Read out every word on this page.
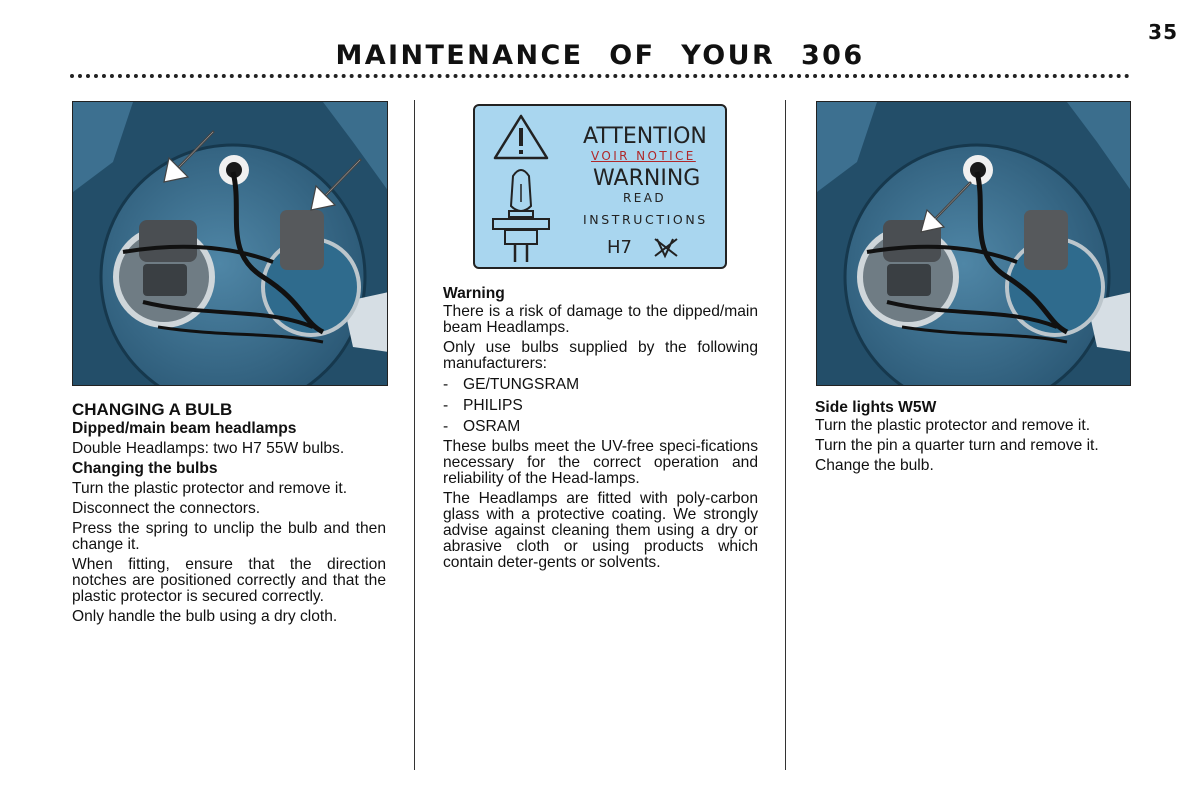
35
MAINTENANCE OF YOUR 306
ATTENTION
VOIR NOTICE
WARNING
READ
INSTRUCTIONS
H7
CHANGING A BULB
Dipped/main beam headlamps
Double Headlamps: two H7 55W bulbs.
Changing the bulbs
Turn the plastic protector and remove it.
Disconnect the connectors.
Press the spring to unclip the bulb and then change it.
When fitting, ensure that the direction notches are positioned correctly and that the plastic protector is secured correctly.
Only handle the bulb using a dry cloth.
Warning
There is a risk of damage to the dipped/main beam Headlamps.
Only use bulbs supplied by the following manufacturers:
- GE/TUNGSRAM
- PHILIPS
- OSRAM
These bulbs meet the UV-free speci-fications necessary for the correct operation and reliability of the Head-lamps.
The Headlamps are fitted with poly-carbon glass with a protective coating. We strongly advise against cleaning them using a dry or abrasive cloth or using products which contain deter-gents or solvents.
Side lights W5W
Turn the plastic protector and remove it.
Turn the pin a quarter turn and remove it.
Change the bulb.
